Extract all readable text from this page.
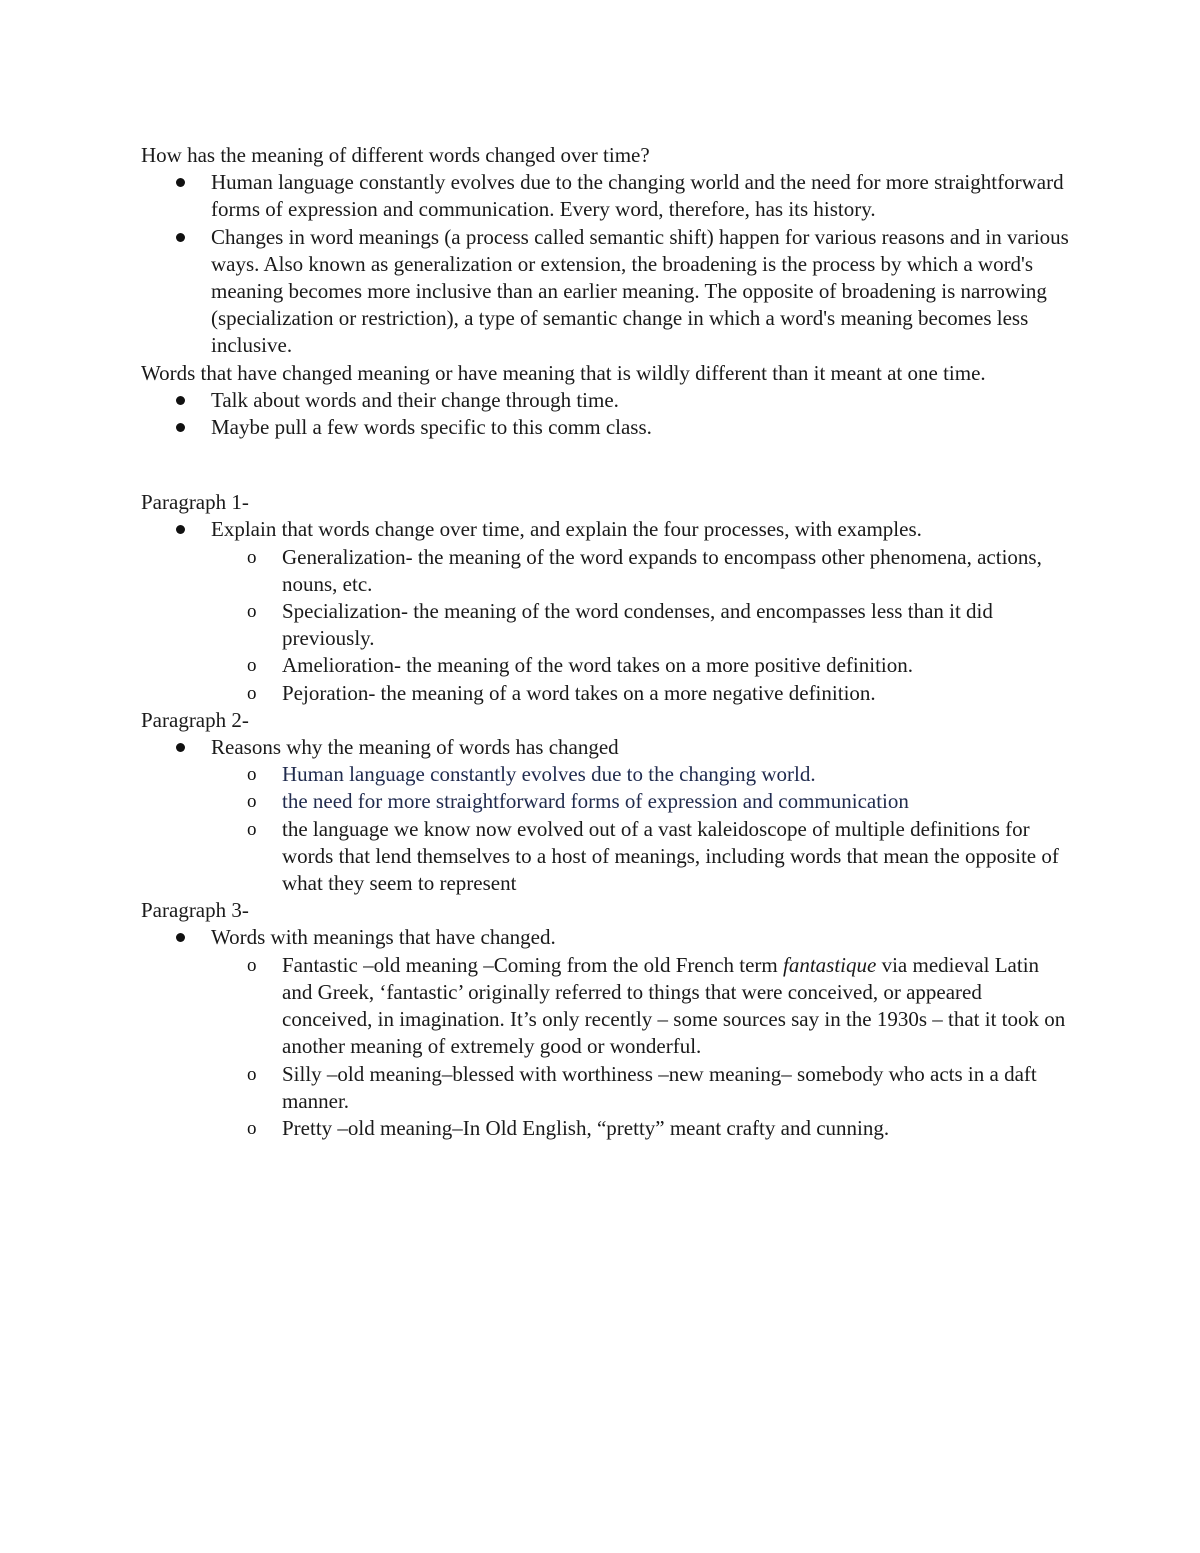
How has the meaning of different words changed over time?

Human language constantly evolves due to the changing world and the need for more straightforward forms of expression and communication. Every word, therefore, has its history.
Changes in word meanings (a process called semantic shift) happen for various reasons and in various ways. Also known as generalization or extension, the broadening is the process by which a word's meaning becomes more inclusive than an earlier meaning. The opposite of broadening is narrowing (specialization or restriction), a type of semantic change in which a word's meaning becomes less inclusive.

Words that have changed meaning or have meaning that is wildly different than it meant at one time.

Talk about words and their change through time.
Maybe pull a few words specific to this comm class.

Paragraph 1-

Explain that words change over time, and explain the four processes, with examples.
o Generalization- the meaning of the word expands to encompass other phenomena, actions, nouns, etc.
o Specialization- the meaning of the word condenses, and encompasses less than it did previously.
o Amelioration- the meaning of the word takes on a more positive definition.
o Pejoration- the meaning of a word takes on a more negative definition.

Paragraph 2-

Reasons why the meaning of words has changed
o Human language constantly evolves due to the changing world.
o the need for more straightforward forms of expression and communication
o the language we know now evolved out of a vast kaleidoscope of multiple definitions for words that lend themselves to a host of meanings, including words that mean the opposite of what they seem to represent

Paragraph 3-

Words with meanings that have changed.
o Fantastic –old meaning –Coming from the old French term fantastique via medieval Latin and Greek, ‘fantastic’ originally referred to things that were conceived, or appeared conceived, in imagination. It’s only recently – some sources say in the 1930s – that it took on another meaning of extremely good or wonderful.
o Silly –old meaning–blessed with worthiness –new meaning– somebody who acts in a daft manner.
o Pretty –old meaning–In Old English, “pretty” meant crafty and cunning.
